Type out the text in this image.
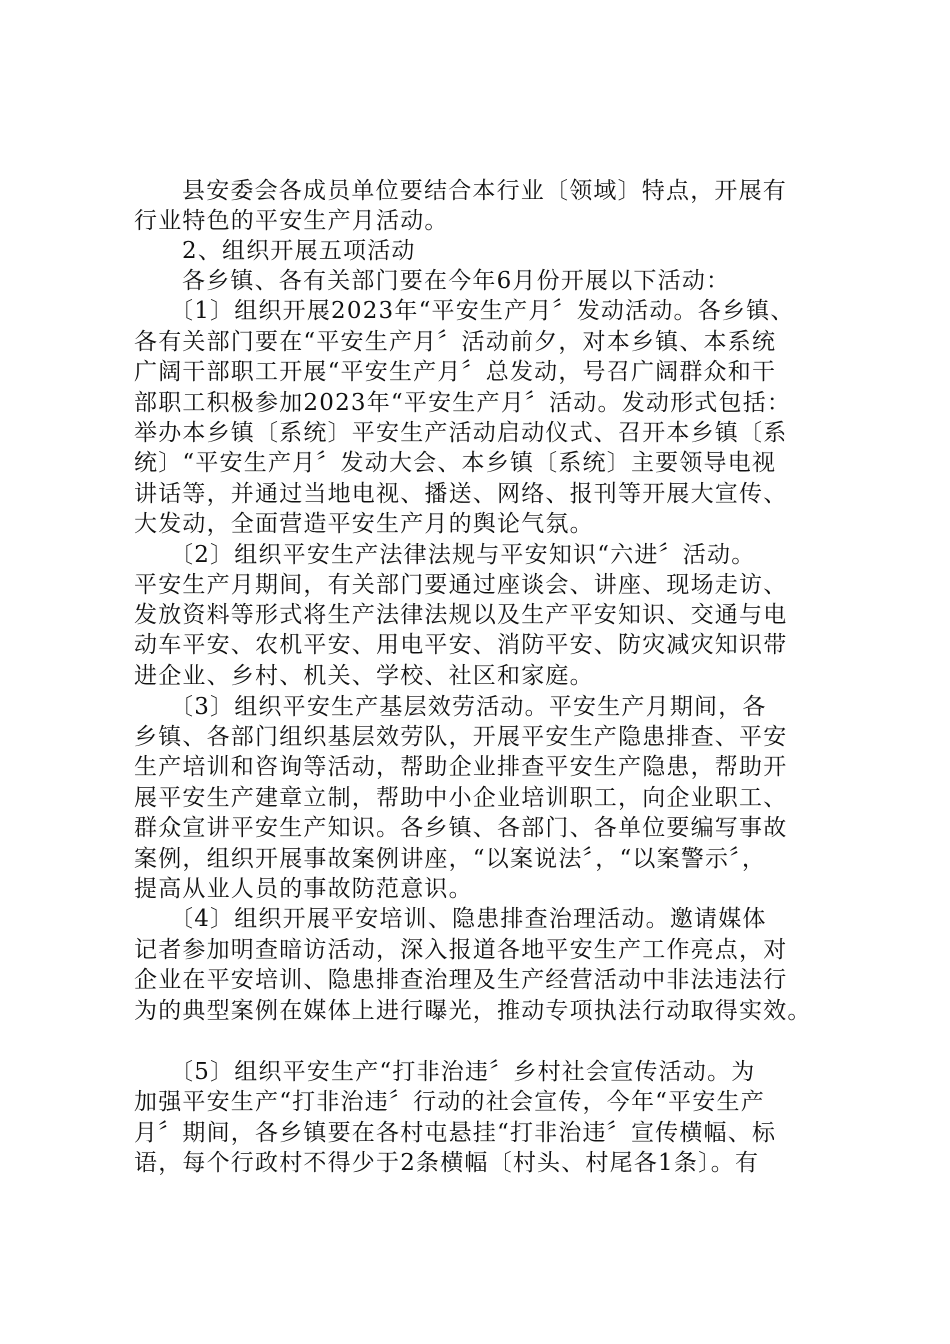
县安委会各成员单位要结合本行业〔领域〕特点，开展有
行业特色的平安生产月活动。
2、组织开展五项活动
各乡镇、各有关部门要在今年6月份开展以下活动：
〔1〕组织开展2023年“平安生产月〞发动活动。各乡镇、
各有关部门要在“平安生产月〞活动前夕，对本乡镇、本系统
广阔干部职工开展“平安生产月〞总发动，号召广阔群众和干
部职工积极参加2023年“平安生产月〞活动。发动形式包括：
举办本乡镇〔系统〕平安生产活动启动仪式、召开本乡镇〔系
统〕“平安生产月〞发动大会、本乡镇〔系统〕主要领导电视
讲话等，并通过当地电视、播送、网络、报刊等开展大宣传、
大发动，全面营造平安生产月的舆论气氛。
〔2〕组织平安生产法律法规与平安知识“六进〞活动。
平安生产月期间，有关部门要通过座谈会、讲座、现场走访、
发放资料等形式将生产法律法规以及生产平安知识、交通与电
动车平安、农机平安、用电平安、消防平安、防灾减灾知识带
进企业、乡村、机关、学校、社区和家庭。
〔3〕组织平安生产基层效劳活动。平安生产月期间，各
乡镇、各部门组织基层效劳队，开展平安生产隐患排查、平安
生产培训和咨询等活动，帮助企业排查平安生产隐患，帮助开
展平安生产建章立制，帮助中小企业培训职工，向企业职工、
群众宣讲平安生产知识。各乡镇、各部门、各单位要编写事故
案例，组织开展事故案例讲座，“以案说法〞，“以案警示〞，
提高从业人员的事故防范意识。
〔4〕组织开展平安培训、隐患排查治理活动。邀请媒体
记者参加明查暗访活动，深入报道各地平安生产工作亮点，对
企业在平安培训、隐患排查治理及生产经营活动中非法违法行
为的典型案例在媒体上进行曝光，推动专项执法行动取得实效。
〔5〕组织平安生产“打非治违〞乡村社会宣传活动。为
加强平安生产“打非治违〞行动的社会宣传，今年“平安生产
月〞期间，各乡镇要在各村屯悬挂“打非治违〞宣传横幅、标
语，每个行政村不得少于2条横幅〔村头、村尾各1条〕。有
